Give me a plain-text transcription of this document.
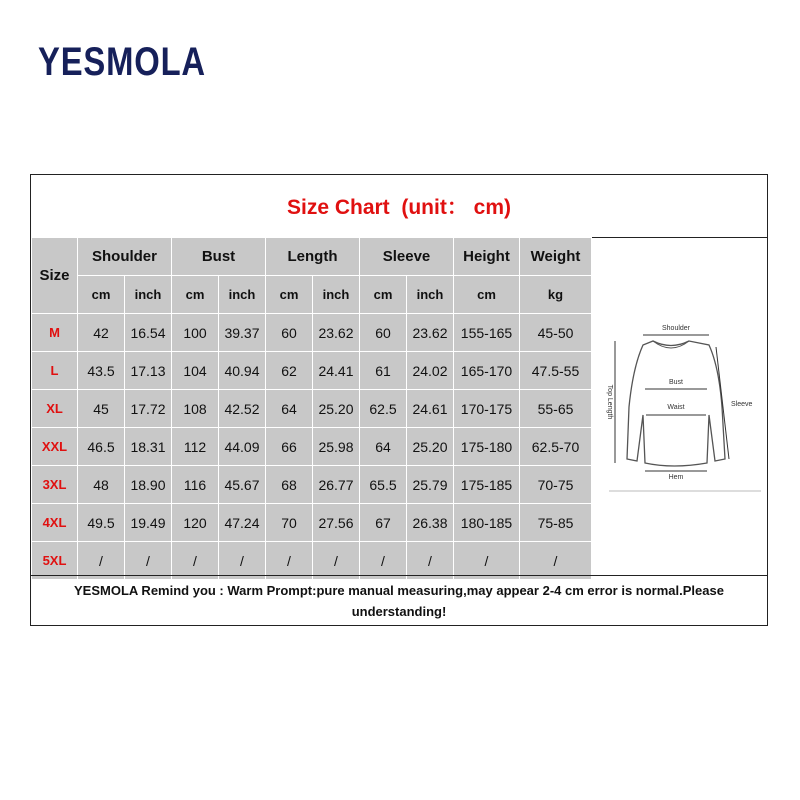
YESMOLA
Size Chart  (unit： cm)
Size	Shoulder		Bust		Length		Sleeve		Height	Weight
	cm	inch	cm	inch	cm	inch	cm	inch	cm	kg
M	42	16.54	100	39.37	60	23.62	60	23.62	155-165	45-50
L	43.5	17.13	104	40.94	62	24.41	61	24.02	165-170	47.5-55
XL	45	17.72	108	42.52	64	25.20	62.5	24.61	170-175	55-65
XXL	46.5	18.31	112	44.09	66	25.98	64	25.20	175-180	62.5-70
3XL	48	18.90	116	45.67	68	26.77	65.5	25.79	175-185	70-75
4XL	49.5	19.49	120	47.24	70	27.56	67	26.38	180-185	75-85
5XL	/	/	/	/	/	/	/	/	/	/
Shoulder
Bust
Waist
Hem
Top Length	Sleeve
YESMOLA Remind you : Warm Prompt:pure manual measuring,may appear 2-4 cm error is normal.Please understanding!
